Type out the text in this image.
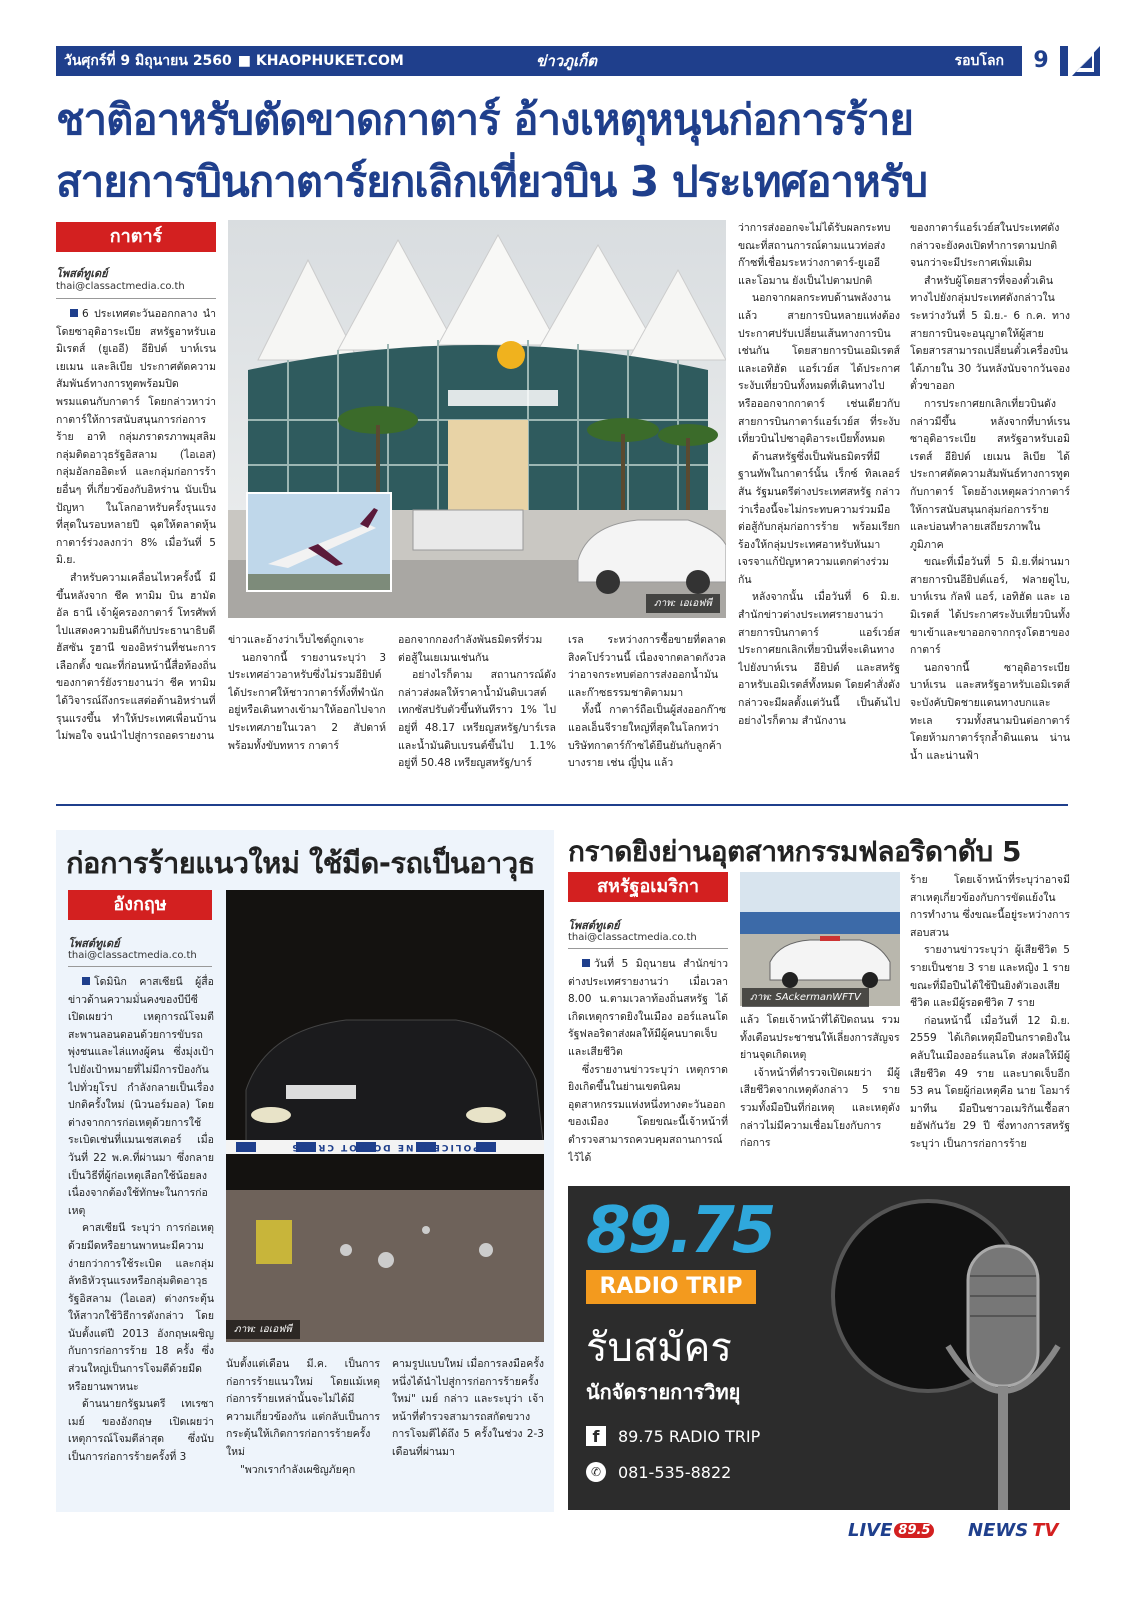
วันศุกร์ที่ 9 มิถุนายน 2560 ■ KHAOPHUKET.COM	ข่าวภูเก็ต	รอบโลก	9
ชาติอาหรับตัดขาดกาตาร์ อ้างเหตุหนุนก่อการร้าย
สายการบินกาตาร์ยกเลิกเที่ยวบิน 3 ประเทศอาหรับ
กาตาร์
โพสต์ทูเดย์
thai@classactmedia.co.th

6 ประเทศตะวันออกกลาง นำโดยซาอุดิอาระเบีย สหรัฐอาหรับเอมิเรตส์ (ยูเออี) อียิปต์ บาห์เรน เยเมน และลิเบีย ประกาศตัดความสัมพันธ์ทางการทูตพร้อมปิดพรมแดนกับกาตาร์ โดยกล่าวหาว่ากาตาร์ให้การสนับสนุนการก่อการร้าย อาทิ กลุ่มภราดรภาพมุสลิม กลุ่มติดอาวุธรัฐอิสลาม (ไอเอส) กลุ่มอัลกออิดะห์ และกลุ่มก่อการร้ายอื่นๆ ที่เกี่ยวข้องกับอิหร่าน นับเป็นปัญหา ในโลกอาหรับครั้งรุนแรงที่สุดในรอบหลายปี ฉุดให้ตลาดหุ้นกาตาร์ร่วงลงกว่า 8% เมื่อวันที่ 5 มิ.ย.

สำหรับความเคลื่อนไหวครั้งนี้ มีขึ้นหลังจาก ชีค ทามิม บิน ฮามัด อัล ธานี เจ้าผู้ครองกาตาร์ โทรศัพท์ไปแสดงความยินดีกับประธานาธิบดี ฮัสซัน รูฮานี ของอิหร่านที่ชนะการเลือกตั้ง ขณะที่ก่อนหน้านี้สื่อท้องถิ่นของกาตาร์ยังรายงานว่า ชีค ทามิม ได้วิจารณ์ถึงกระแสต่อต้านอิหร่านที่รุนแรงขึ้น ทำให้ประเทศเพื่อนบ้านไม่พอใจ จนนำไปสู่การถอดรายงาน

ภาพ: เอเอฟพี

ข่าวและอ้างว่าเว็บไซต์ถูกเจาะ

นอกจากนี้ รายงานระบุว่า 3 ประเทศอ่าวอาหรับซึ่งไม่รวมอียิปต์ ได้ประกาศให้ชาวกาตาร์ทั้งที่พำนักอยู่หรือเดินทางเข้ามาให้ออกไปจากประเทศภายในเวลา 2 สัปดาห์ พร้อมทั้งขับทหาร กาตาร์

ออกจากกองกำลังพันธมิตรที่ร่วมต่อสู้ในเยเมนเช่นกัน

อย่างไรก็ตาม สถานการณ์ดังกล่าวส่งผลให้ราคาน้ำมันดิบเวสต์เทกซัสปรับตัวขึ้นทันทีราว 1% ไปอยู่ที่ 48.17 เหรียญสหรัฐ/บาร์เรล และน้ำมันดิบเบรนต์ขึ้นไป 1.1% อยู่ที่ 50.48 เหรียญสหรัฐ/บาร์

เรล ระหว่างการซื้อขายที่ตลาดสิงคโปร์วานนี้ เนื่องจากตลาดกังวลว่าอาจกระทบต่อการส่งออกน้ำมันและก๊าซธรรมชาติตามมา

ทั้งนี้ กาตาร์ถือเป็นผู้ส่งออกก๊าซแอลเอ็นจีรายใหญ่ที่สุดในโลกทว่าบริษัทกาตาร์ก๊าซได้ยืนยันกับลูกค้าบางราย เช่น ญี่ปุ่น แล้ว

ว่าการส่งออกจะไม่ได้รับผลกระทบ ขณะที่สถานการณ์ตามแนวท่อส่งก๊าซที่เชื่อมระหว่างกาตาร์-ยูเออี และโอมาน ยังเป็นไปตามปกติ

นอกจากผลกระทบด้านพลังงานแล้ว สายการบินหลายแห่งต้องประกาศปรับเปลี่ยนเส้นทางการบินเช่นกัน โดยสายการบินเอมิเรตส์ และเอทิฮัด แอร์เวย์ส ได้ประกาศระงับเที่ยวบินทั้งหมดที่เดินทางไปหรือออกจากกาตาร์ เช่นเดียวกับสายการบินกาตาร์แอร์เวย์ส ที่ระงับเที่ยวบินไปซาอุดิอาระเบียทั้งหมด

ด้านสหรัฐซึ่งเป็นพันธมิตรที่มีฐานทัพในกาตาร์นั้น เร็กซ์ ทิลเลอร์สัน รัฐมนตรีต่างประเทศสหรัฐ กล่าวว่าเรื่องนี้จะไม่กระทบความร่วมมือต่อสู้กับกลุ่มก่อการร้าย พร้อมเรียกร้องให้กลุ่มประเทศอาหรับหันมาเจรจาแก้ปัญหาความแตกต่างร่วมกัน

หลังจากนั้น เมื่อวันที่ 6 มิ.ย. สำนักข่าวต่างประเทศรายงานว่า สายการบินกาตาร์ แอร์เวย์ส ประกาศยกเลิกเที่ยวบินที่จะเดินทางไปยังบาห์เรน อียิปต์ และสหรัฐอาหรับเอมิเรตส์ทั้งหมด โดยคำสั่งดังกล่าวจะมีผลตั้งแต่วันนี้ เป็นต้นไปอย่างไรก็ตาม สำนักงาน

ของกาตาร์แอร์เวย์สในประเทศดังกล่าวจะยังคงเปิดทำการตามปกติจนกว่าจะมีประกาศเพิ่มเติม

สำหรับผู้โดยสารที่จองตั๋วเดินทางไปยังกลุ่มประเทศดังกล่าวในระหว่างวันที่ 5 มิ.ย.- 6 ก.ค. ทางสายการบินจะอนุญาตให้ผู้สายโดยสารสามารถเปลี่ยนตั๋วเครื่องบินได้ภายใน 30 วันหลังนับจากวันจองตั๋วขาออก

การประกาศยกเลิกเที่ยวบินดังกล่าวมีขึ้น หลังจากที่บาห์เรน ซาอุดิอาระเบีย สหรัฐอาหรับเอมิเรตส์ อียิปต์ เยเมน ลิเบีย ได้ประกาศตัดความสัมพันธ์ทางการทูตกับกาตาร์ โดยอ้างเหตุผลว่ากาตาร์ให้การสนับสนุนกลุ่มก่อการร้าย และบ่อนทำลายเสถียรภาพในภูมิภาค

ขณะที่เมื่อวันที่ 5 มิ.ย.ที่ผ่านมา สายการบินอียิปต์แอร์, ฟลายดูไบ, บาห์เรน กัลฟ์ แอร์, เอทิฮัด และ เอมิเรตส์ ได้ประกาศระงับเที่ยวบินทั้งขาเข้าและขาออกจากกรุงโดฮาของกาตาร์

นอกจากนี้ ซาอุดิอาระเบีย บาห์เรน และสหรัฐอาหรับเอมิเรตส์จะบังคับปิดชายแดนทางบกและทะเล รวมทั้งสนามบินต่อกาตาร์ โดยห้ามกาตาร์รุกล้ำดินแดน น่านน้ำ และน่านฟ้า

ก่อการร้ายแนวใหม่ ใช้มีด-รถเป็นอาวุธ
อังกฤษ
โพสต์ทูเดย์
thai@classactmedia.co.th

โดมินิก คาสเซียนี ผู้สื่อข่าวด้านความมั่นคงของบีบีซี เปิดเผยว่า เหตุการณ์โจมตีสะพานลอนดอนด้วยการขับรถพุ่งชนและไล่แทงผู้คน ซึ่งมุ่งเป้าไปยังเป้าหมายที่ไม่มีการป้องกันไปทั่วยุโรป กำลังกลายเป็นเรื่องปกติครั้งใหม่ (นิวนอร์มอล) โดยต่างจากการก่อเหตุด้วยการใช้ระเบิดเช่นที่แมนเชสเตอร์ เมื่อวันที่ 22 พ.ค.ที่ผ่านมา ซึ่งกลายเป็นวิธีที่ผู้ก่อเหตุเลือกใช้น้อยลง เนื่องจากต้องใช้ทักษะในการก่อเหตุ

คาสเซียนี ระบุว่า การก่อเหตุด้วยมีดหรือยานพาหนะมีความง่ายกว่าการใช้ระเบิด และกลุ่มลัทธิหัวรุนแรงหรือกลุ่มติดอาวุธรัฐอิสลาม (ไอเอส) ต่างกระตุ้นให้สาวกใช้วิธีการดังกล่าว โดยนับตั้งแต่ปี 2013 อังกฤษเผชิญกับการก่อการร้าย 18 ครั้ง ซึ่งส่วนใหญ่เป็นการโจมตีด้วยมีดหรือยานพาหนะ

ด้านนายกรัฐมนตรี เทเรซา เมย์ ของอังกฤษ เปิดเผยว่า เหตุการณ์โจมตีล่าสุด ซึ่งนับเป็นการก่อการร้ายครั้งที่ 3

POLICE LINE DO NOT CROSS
ภาพ: เอเอฟพี

นับตั้งแต่เดือน มี.ค. เป็นการก่อการร้ายแนวใหม่ โดยแม้เหตุก่อการร้ายเหล่านั้นจะไม่ได้มีความเกี่ยวข้องกัน แต่กลับเป็นการกระตุ้นให้เกิดการก่อการร้ายครั้งใหม่

"พวกเรากำลังเผชิญภัยคุก

คามรูปแบบใหม่ เมื่อการลงมือครั้งหนึ่งได้นำไปสู่การก่อการร้ายครั้งใหม่" เมย์ กล่าว และระบุว่า เจ้าหน้าที่ตำรวจสามารถสกัดขวางการโจมตีได้ถึง 5 ครั้งในช่วง 2-3 เดือนที่ผ่านมา

กราดยิงย่านอุตสาหกรรมฟลอริดาดับ 5
สหรัฐอเมริกา
โพสต์ทูเดย์
thai@classactmedia.co.th

วันที่ 5 มิถุนายน สำนักข่าวต่างประเทศรายงานว่า เมื่อเวลา 8.00 น.ตามเวลาท้องถิ่นสหรัฐ ได้เกิดเหตุกราดยิงในเมือง ออร์แลนโด รัฐฟลอริดาส่งผลให้มีผู้คนบาดเจ็บและเสียชีวิต

ซึ่งรายงานข่าวระบุว่า เหตุกราดยิงเกิดขึ้นในย่านเขตนิคมอุตสาหกรรมแห่งหนึ่งทางตะวันออกของเมือง โดยขณะนี้เจ้าหน้าที่ตำรวจสามารถควบคุมสถานการณ์ไว้ได้

ภาพ: SAckermanWFTV

แล้ว โดยเจ้าหน้าที่ได้ปิดถนน รวมทั้งเตือนประชาชนให้เลี่ยงการสัญจรย่านจุดเกิดเหตุ

เจ้าหน้าที่ตำรวจเปิดเผยว่า มีผู้เสียชีวิตจากเหตุดังกล่าว 5 ราย รวมทั้งมือปืนที่ก่อเหตุ และเหตุดังกล่าวไม่มีความเชื่อมโยงกับการก่อการ

ร้าย โดยเจ้าหน้าที่ระบุว่าอาจมีสาเหตุเกี่ยวข้องกับการขัดแย้งในการทำงาน ซึ่งขณะนี้อยู่ระหว่างการสอบสวน

รายงานข่าวระบุว่า ผู้เสียชีวิต 5 รายเป็นชาย 3 ราย และหญิง 1 ราย ขณะที่มือปืนได้ใช้ปืนยิงตัวเองเสียชีวิต และมีผู้รอดชีวิต 7 ราย

ก่อนหน้านี้ เมื่อวันที่ 12 มิ.ย. 2559 ได้เกิดเหตุมือปืนกราดยิงในคลับในเมืองออร์แลนโด ส่งผลให้มีผู้เสียชีวิต 49 ราย และบาดเจ็บอีก 53 คน โดยผู้ก่อเหตุคือ นาย โอมาร์ มาทีน มือปืนชาวอเมริกันเชื้อสายอัฟกันวัย 29 ปี ซึ่งทางการสหรัฐระบุว่า เป็นการก่อการร้าย

89.75
RADIO TRIP
รับสมัคร
นักจัดรายการวิทยุ
f	89.75 RADIO TRIP
✆	081-535-8822
LIVE 89.5 NEWS TV
